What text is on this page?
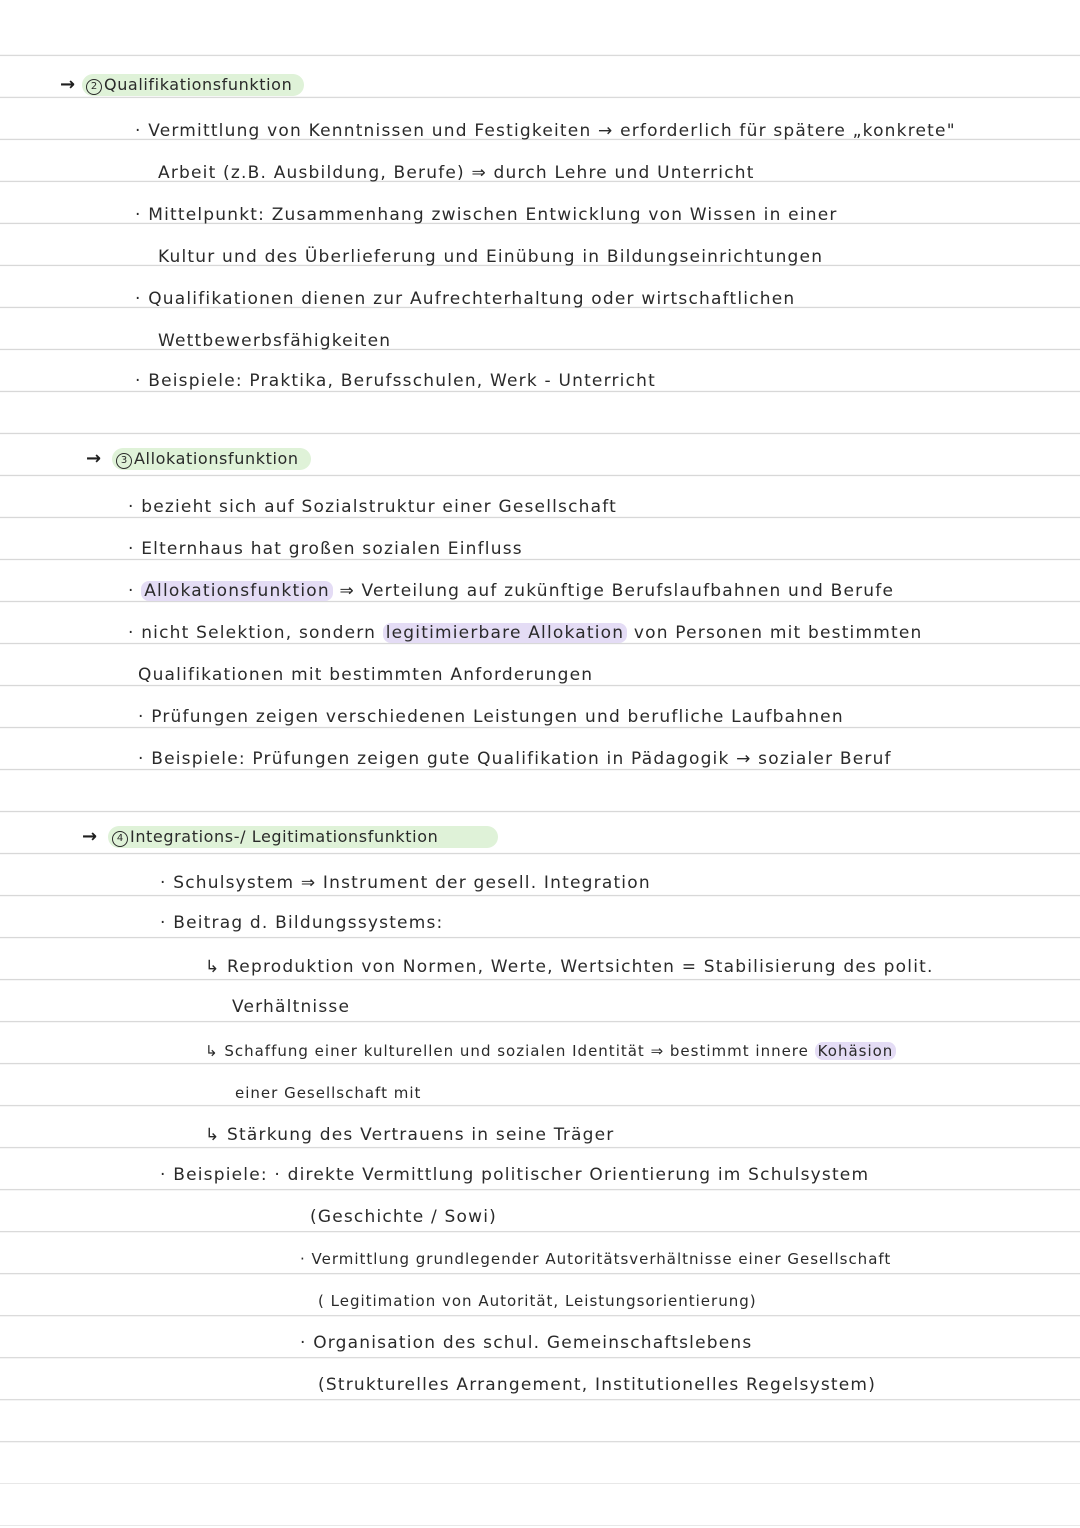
→	2 Qualifikationsfunktion
· Vermittlung von Kenntnissen und Festigkeiten → erforderlich für spätere „konkrete"
Arbeit (z.B. Ausbildung, Berufe) ⇒ durch Lehre und Unterricht
· Mittelpunkt: Zusammenhang zwischen Entwicklung von Wissen in einer
Kultur und des Überlieferung und Einübung in Bildungseinrichtungen
· Qualifikationen dienen zur Aufrechterhaltung oder wirtschaftlichen
Wettbewerbsfähigkeiten
· Beispiele: Praktika, Berufsschulen, Werk - Unterricht
→	3 Allokationsfunktion
· bezieht sich auf Sozialstruktur einer Gesellschaft
· Elternhaus hat großen sozialen Einfluss
· Allokationsfunktion ⇒ Verteilung auf zukünftige Berufslaufbahnen und Berufe
· nicht Selektion, sondern legitimierbare Allokation von Personen mit bestimmten
Qualifikationen mit bestimmten Anforderungen
· Prüfungen zeigen verschiedenen Leistungen und berufliche Laufbahnen
· Beispiele: Prüfungen zeigen gute Qualifikation in Pädagogik → sozialer Beruf
→	4 Integrations-/ Legitimationsfunktion
· Schulsystem ⇒ Instrument der gesell. Integration
· Beitrag d. Bildungssystems:
↳ Reproduktion von Normen, Werte, Wertsichten = Stabilisierung des polit.
Verhältnisse
↳ Schaffung einer kulturellen und sozialen Identität ⇒ bestimmt innere Kohäsion
einer Gesellschaft mit
↳ Stärkung des Vertrauens in seine Träger
· Beispiele: · direkte Vermittlung politischer Orientierung im Schulsystem
(Geschichte / Sowi)
· Vermittlung grundlegender Autoritätsverhältnisse einer Gesellschaft
( Legitimation von Autorität, Leistungsorientierung)
· Organisation des schul. Gemeinschaftslebens
(Strukturelles Arrangement, Institutionelles Regelsystem)
